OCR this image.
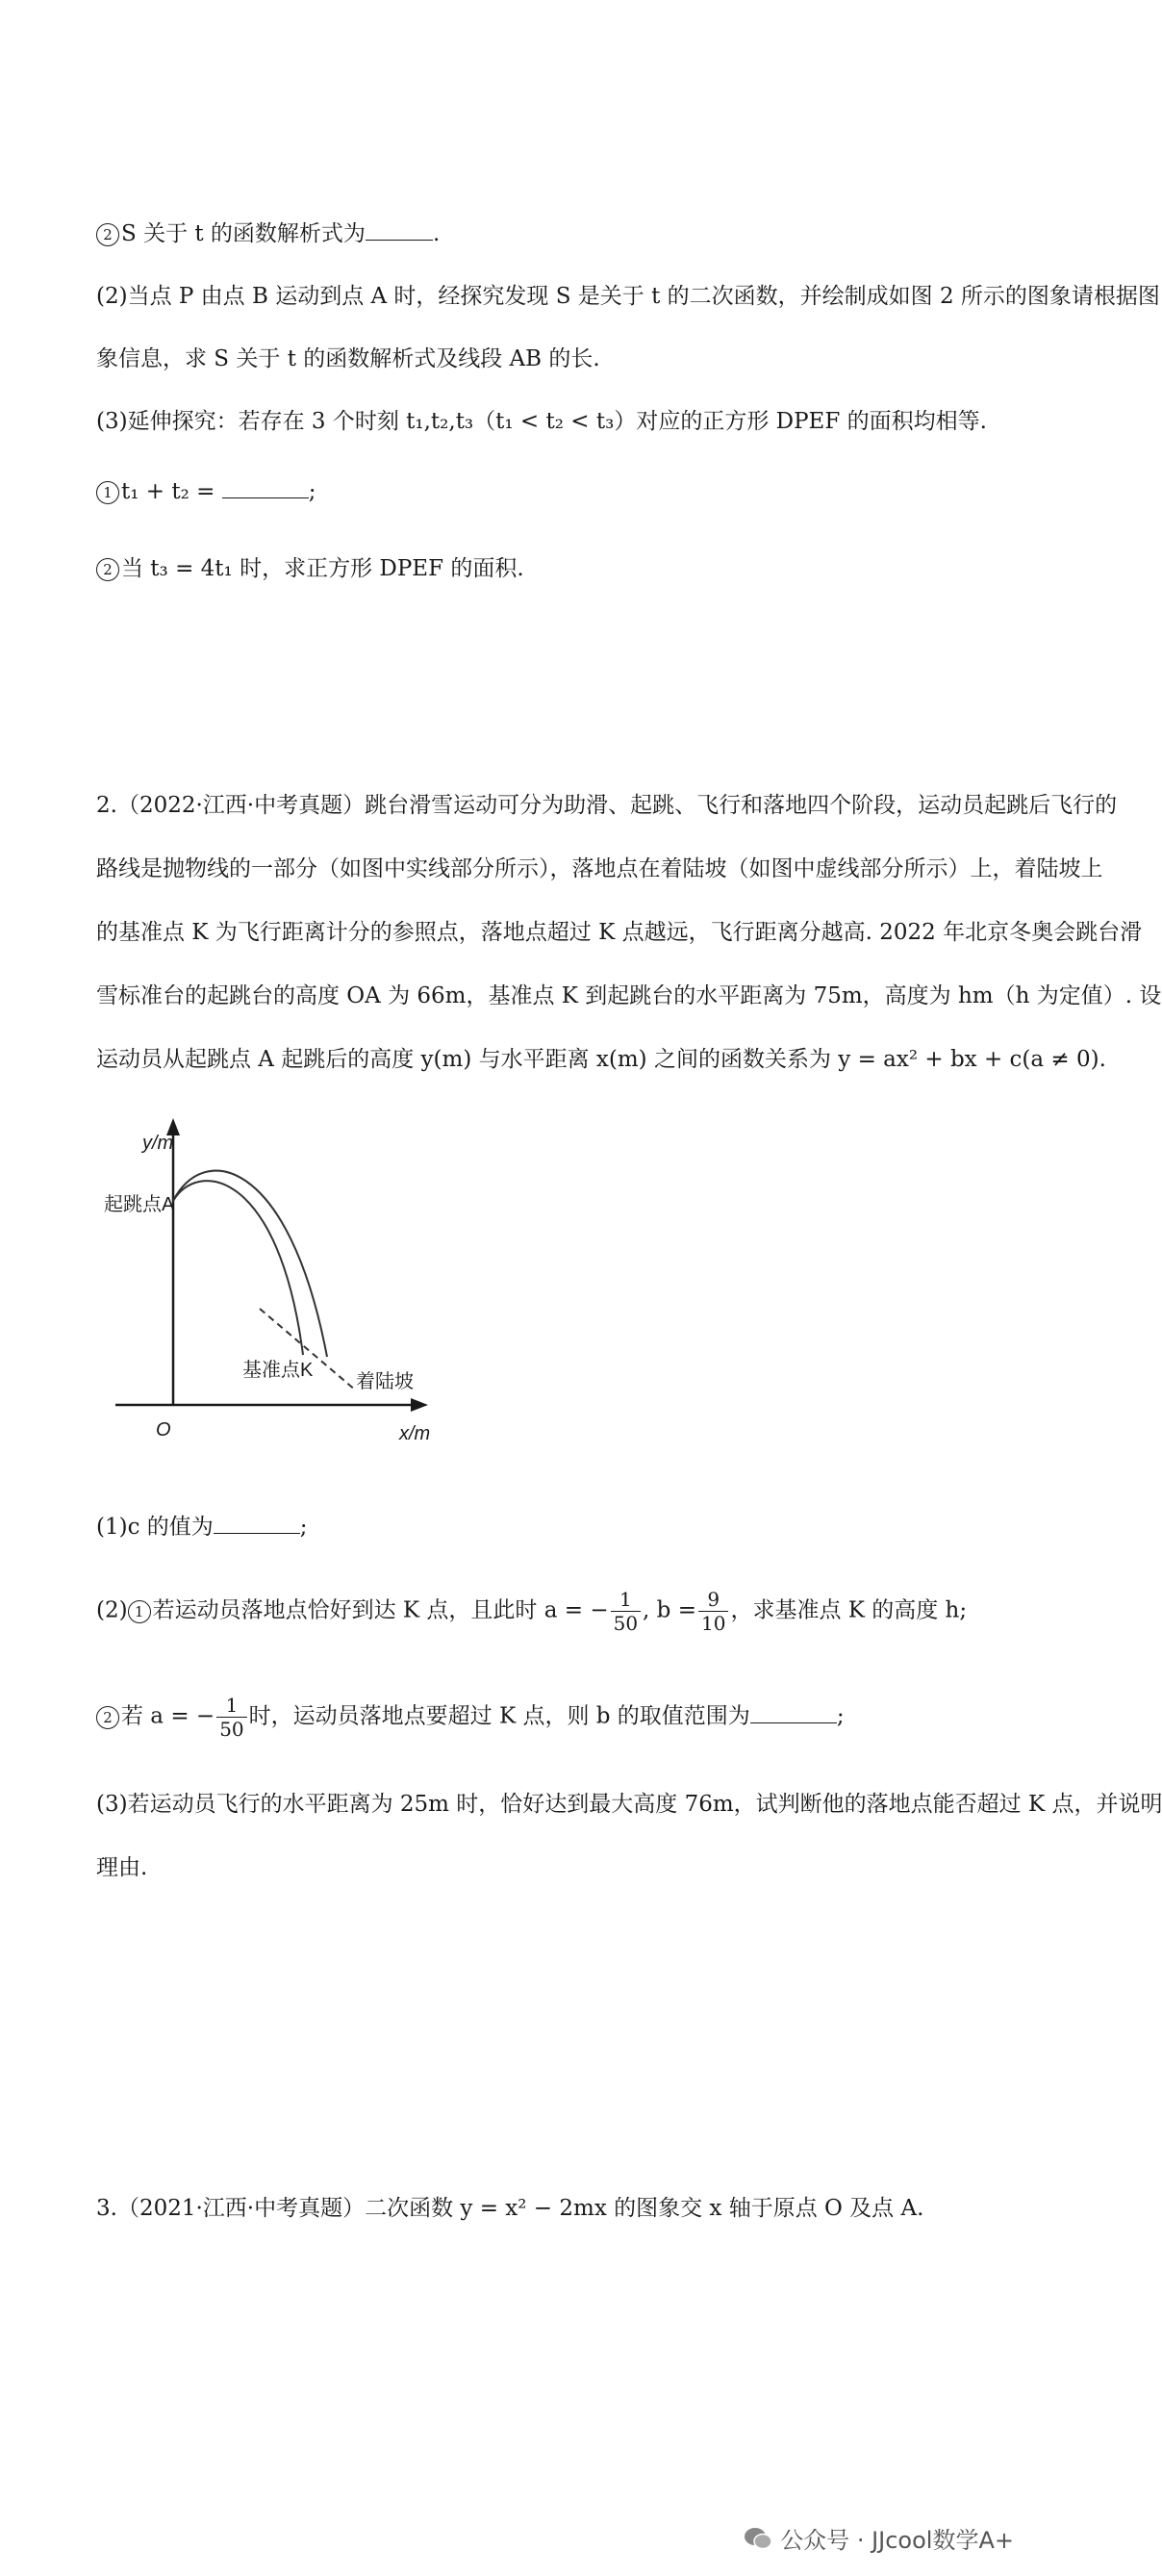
2 S 关于 t 的函数解析式为	.
(2)当点 P 由点 B 运动到点 A 时，经探究发现 S 是关于 t 的二次函数，并绘制成如图 2 所示的图象请根据图
象信息，求 S 关于 t 的函数解析式及线段 AB 的长.
(3)延伸探究：若存在 3 个时刻 t₁,t₂,t₃（t₁ < t₂ < t₃）对应的正方形 DPEF 的面积均相等.
1 t₁ + t₂ =	;
2 当 t₃ = 4t₁ 时，求正方形 DPEF 的面积.
2.（2022·江西·中考真题）跳台滑雪运动可分为助滑、起跳、飞行和落地四个阶段，运动员起跳后飞行的
路线是抛物线的一部分（如图中实线部分所示），落地点在着陆坡（如图中虚线部分所示）上，着陆坡上
的基准点 K 为飞行距离计分的参照点，落地点超过 K 点越远，飞行距离分越高. 2022 年北京冬奥会跳台滑
雪标准台的起跳台的高度 OA 为 66m，基准点 K 到起跳台的水平距离为 75m，高度为 hm（h 为定值）. 设
运动员从起跳点 A 起跳后的高度 y(m) 与水平距离 x(m) 之间的函数关系为 y = ax² + bx + c(a ≠ 0).
y/m
x/m
O
起跳点A
基准点K
着陆坡
(1)c 的值为	;
(2) 1 若运动员落地点恰好到达 K 点，且此时 a = − $\frac{1}{50}$ , $b = \frac{9}{10}$ ，求基准点 K 的高度 h;
2 若 a = − $\frac{1}{50}$ 时，运动员落地点要超过 K 点，则 b 的取值范围为	;
(3)若运动员飞行的水平距离为 25m 时，恰好达到最大高度 76m，试判断他的落地点能否超过 K 点，并说明
理由.
3.（2021·江西·中考真题）二次函数 y = x² − 2mx 的图象交 x 轴于原点 O 及点 A.
公众号 · JJcool数学A+
